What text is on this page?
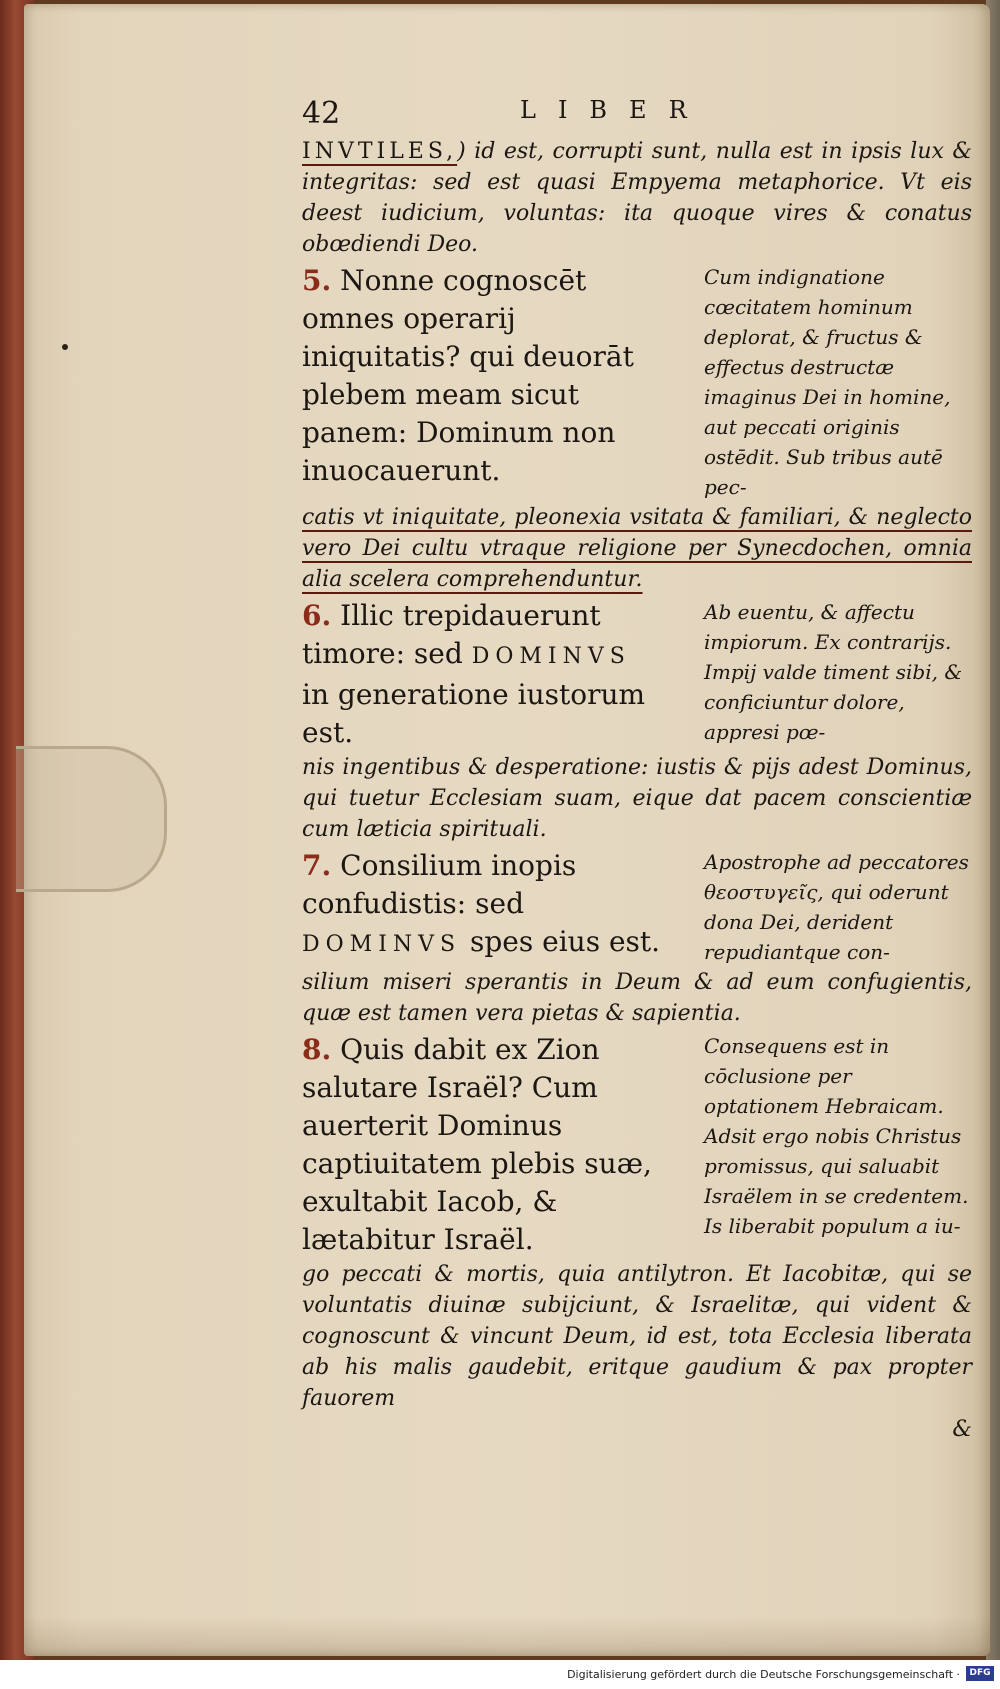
42	LIBER

INVTILES,) id est, corrupti sunt, nulla est in ipsis lux & integritas: sed est quasi Empyema metaphorice. Vt eis deest iudicium, voluntas: ita quoque vires & conatus obœdiendi Deo.

5. Nonne cognoscēt omnes operarij iniquitatis? qui deuorāt plebem meam sicut panem: Dominum non inuocauerunt.
Cum indignatione cœcitatem hominum deplorat, & fructus & effectus destructæ imaginus Dei in homine, aut peccati originis ostēdit. Sub tribus autē pec-
catis vt iniquitate, pleonexia vsitata & familiari, & neglecto vero Dei cultu vtraque religione per Synecdochen, omnia alia scelera comprehenduntur.
6. Illic trepidauerunt timore: sed DOMINVS in generatione iustorum est.
Ab euentu, & affectu impiorum. Ex contrarijs. Impij valde timent sibi, & conficiuntur dolore, appresi pœ-
nis ingentibus & desperatione: iustis & pijs adest Dominus, qui tuetur Ecclesiam suam, eique dat pacem conscientiæ cum læticia spirituali.
7. Consilium inopis confudistis: sed DOMINVS spes eius est.
Apostrophe ad peccatores θεοστυγεῖς, qui oderunt dona Dei, derident repudiantque con-
silium miseri sperantis in Deum & ad eum confugientis, quæ est tamen vera pietas & sapientia.
8. Quis dabit ex Zion salutare Israël? Cum auerterit Dominus captiuitatem plebis suæ, exultabit Iacob, & lætabitur Israël.
Consequens est in cōclusione per optationem Hebraicam. Adsit ergo nobis Christus promissus, qui saluabit Israëlem in se credentem. Is liberabit populum a iu-
go peccati & mortis, quia antilytron. Et Iacobitæ, qui se voluntatis diuinæ subijciunt, & Israelitæ, qui vident & cognoscunt & vincunt Deum, id est, tota Ecclesia liberata ab his malis gaudebit, eritque gaudium & pax propter fauorem
&
Digitalisierung gefördert durch die Deutsche Forschungsgemeinschaft ·	DFG
